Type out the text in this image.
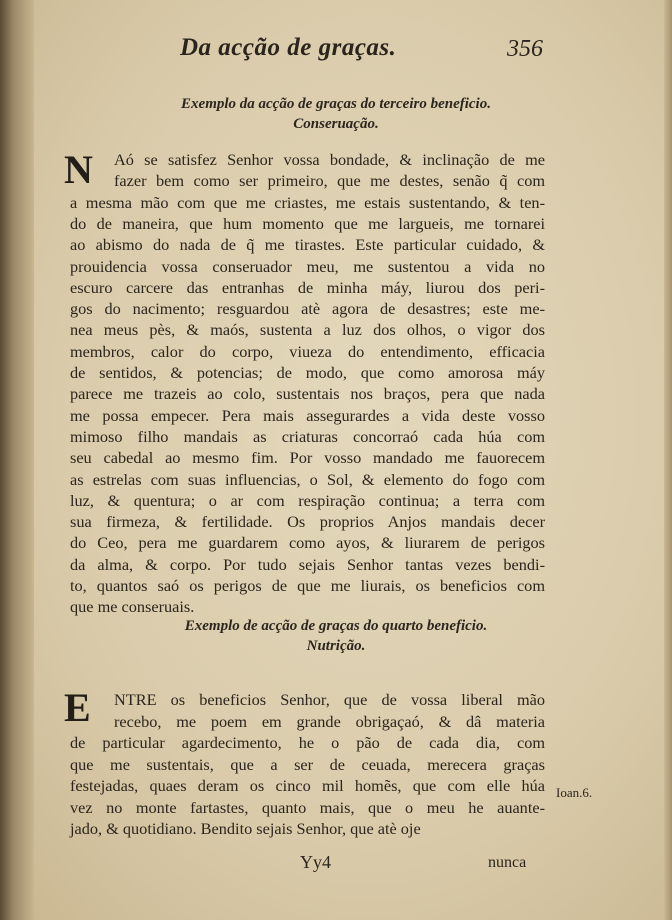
Da acção de graças.	356
Exemplo da acção de graças do terceiro beneficio.
Conseruação.
N	Aó se satisfez Senhor vossa bondade, & inclinação de me
fazer bem como ser primeiro, que me destes, senão q̃ com
a mesma mão com que me criastes, me estais sustentando, & ten-
do de maneira, que hum momento que me largueis, me tornarei
ao abismo do nada de q̃ me tirastes. Este particular cuidado, &
prouidencia vossa conseruador meu, me sustentou a vida no
escuro carcere das entranhas de minha máy, liurou dos peri-
gos do nacimento; resguardou atè agora de desastres; este me-
nea meus pès, & maós, sustenta a luz dos olhos, o vigor dos
membros, calor do corpo, viueza do entendimento, efficacia
de sentidos, & potencias; de modo, que como amorosa máy
parece me trazeis ao colo, sustentais nos braços, pera que nada
me possa empecer. Pera mais assegurardes a vida deste vosso
mimoso filho mandais as criaturas concorraó cada húa com
seu cabedal ao mesmo fim. Por vosso mandado me fauorecem
as estrelas com suas influencias, o Sol, & elemento do fogo com
luz, & quentura; o ar com respiração continua; a terra com
sua firmeza, & fertilidade. Os proprios Anjos mandais decer
do Ceo, pera me guardarem como ayos, & liurarem de perigos
da alma, & corpo. Por tudo sejais Senhor tantas vezes bendi-
to, quantos saó os perigos de que me liurais, os beneficios com
que me conseruais.
Exemplo de acção de graças do quarto beneficio.
Nutrição.
E	NTRE os beneficios Senhor, que de vossa liberal mão
recebo, me poem em grande obrigaçaó, & dâ materia
de particular agardecimento, he o pão de cada dia, com
que me sustentais, que a ser de ceuada, merecera graças
festejadas, quaes deram os cinco mil homẽs, que com elle húa
vez no monte fartastes, quanto mais, que o meu he auante-
jado, & quotidiano. Bendito sejais Senhor, que atè oje
Ioan.6.
Yy4	nunca
